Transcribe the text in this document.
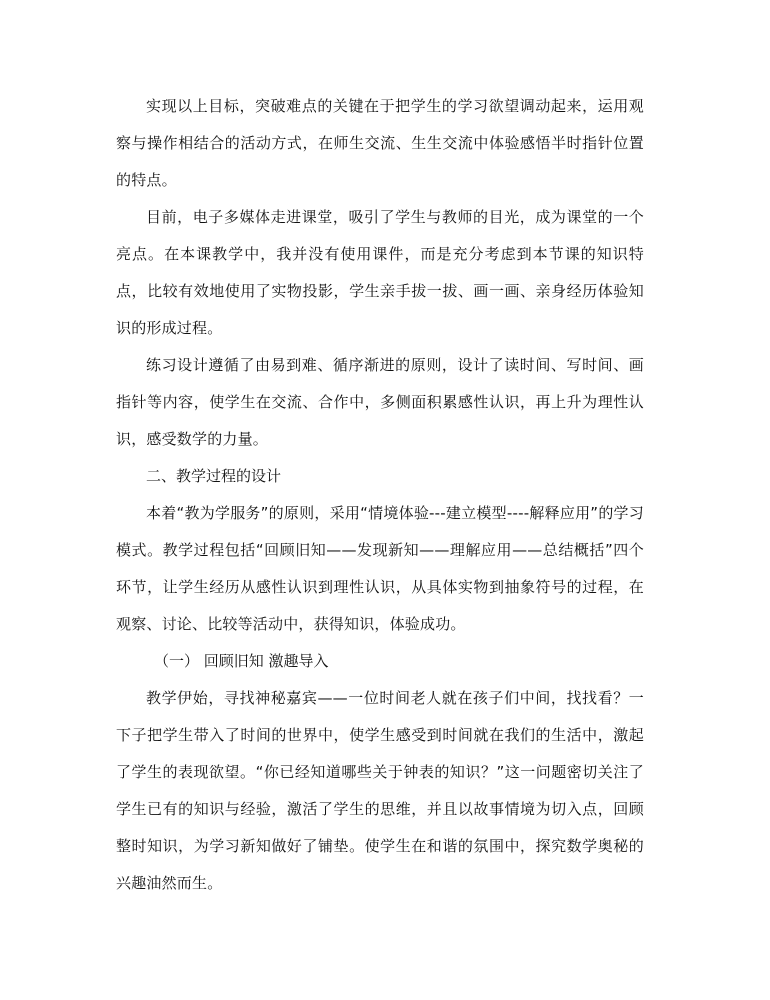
实现以上目标，突破难点的关键在于把学生的学习欲望调动起来，运用观察与操作相结合的活动方式，在师生交流、生生交流中体验感悟半时指针位置的特点。

目前，电子多媒体走进课堂，吸引了学生与教师的目光，成为课堂的一个亮点。在本课教学中，我并没有使用课件，而是充分考虑到本节课的知识特点，比较有效地使用了实物投影，学生亲手拔一拔、画一画、亲身经历体验知识的形成过程。

练习设计遵循了由易到难、循序渐进的原则，设计了读时间、写时间、画指针等内容，使学生在交流、合作中，多侧面积累感性认识，再上升为理性认识，感受数学的力量。

二、教学过程的设计

本着“教为学服务”的原则，采用“情境体验---建立模型----解释应用”的学习模式。教学过程包括“回顾旧知——发现新知——理解应用——总结概括”四个环节，让学生经历从感性认识到理性认识，从具体实物到抽象符号的过程，在观察、讨论、比较等活动中，获得知识，体验成功。

（一） 回顾旧知 激趣导入

教学伊始，寻找神秘嘉宾——一位时间老人就在孩子们中间，找找看？一下子把学生带入了时间的世界中，使学生感受到时间就在我们的生活中，激起了学生的表现欲望。“你已经知道哪些关于钟表的知识？”这一问题密切关注了学生已有的知识与经验，激活了学生的思维，并且以故事情境为切入点，回顾整时知识，为学习新知做好了铺垫。使学生在和谐的氛围中，探究数学奥秘的兴趣油然而生。
